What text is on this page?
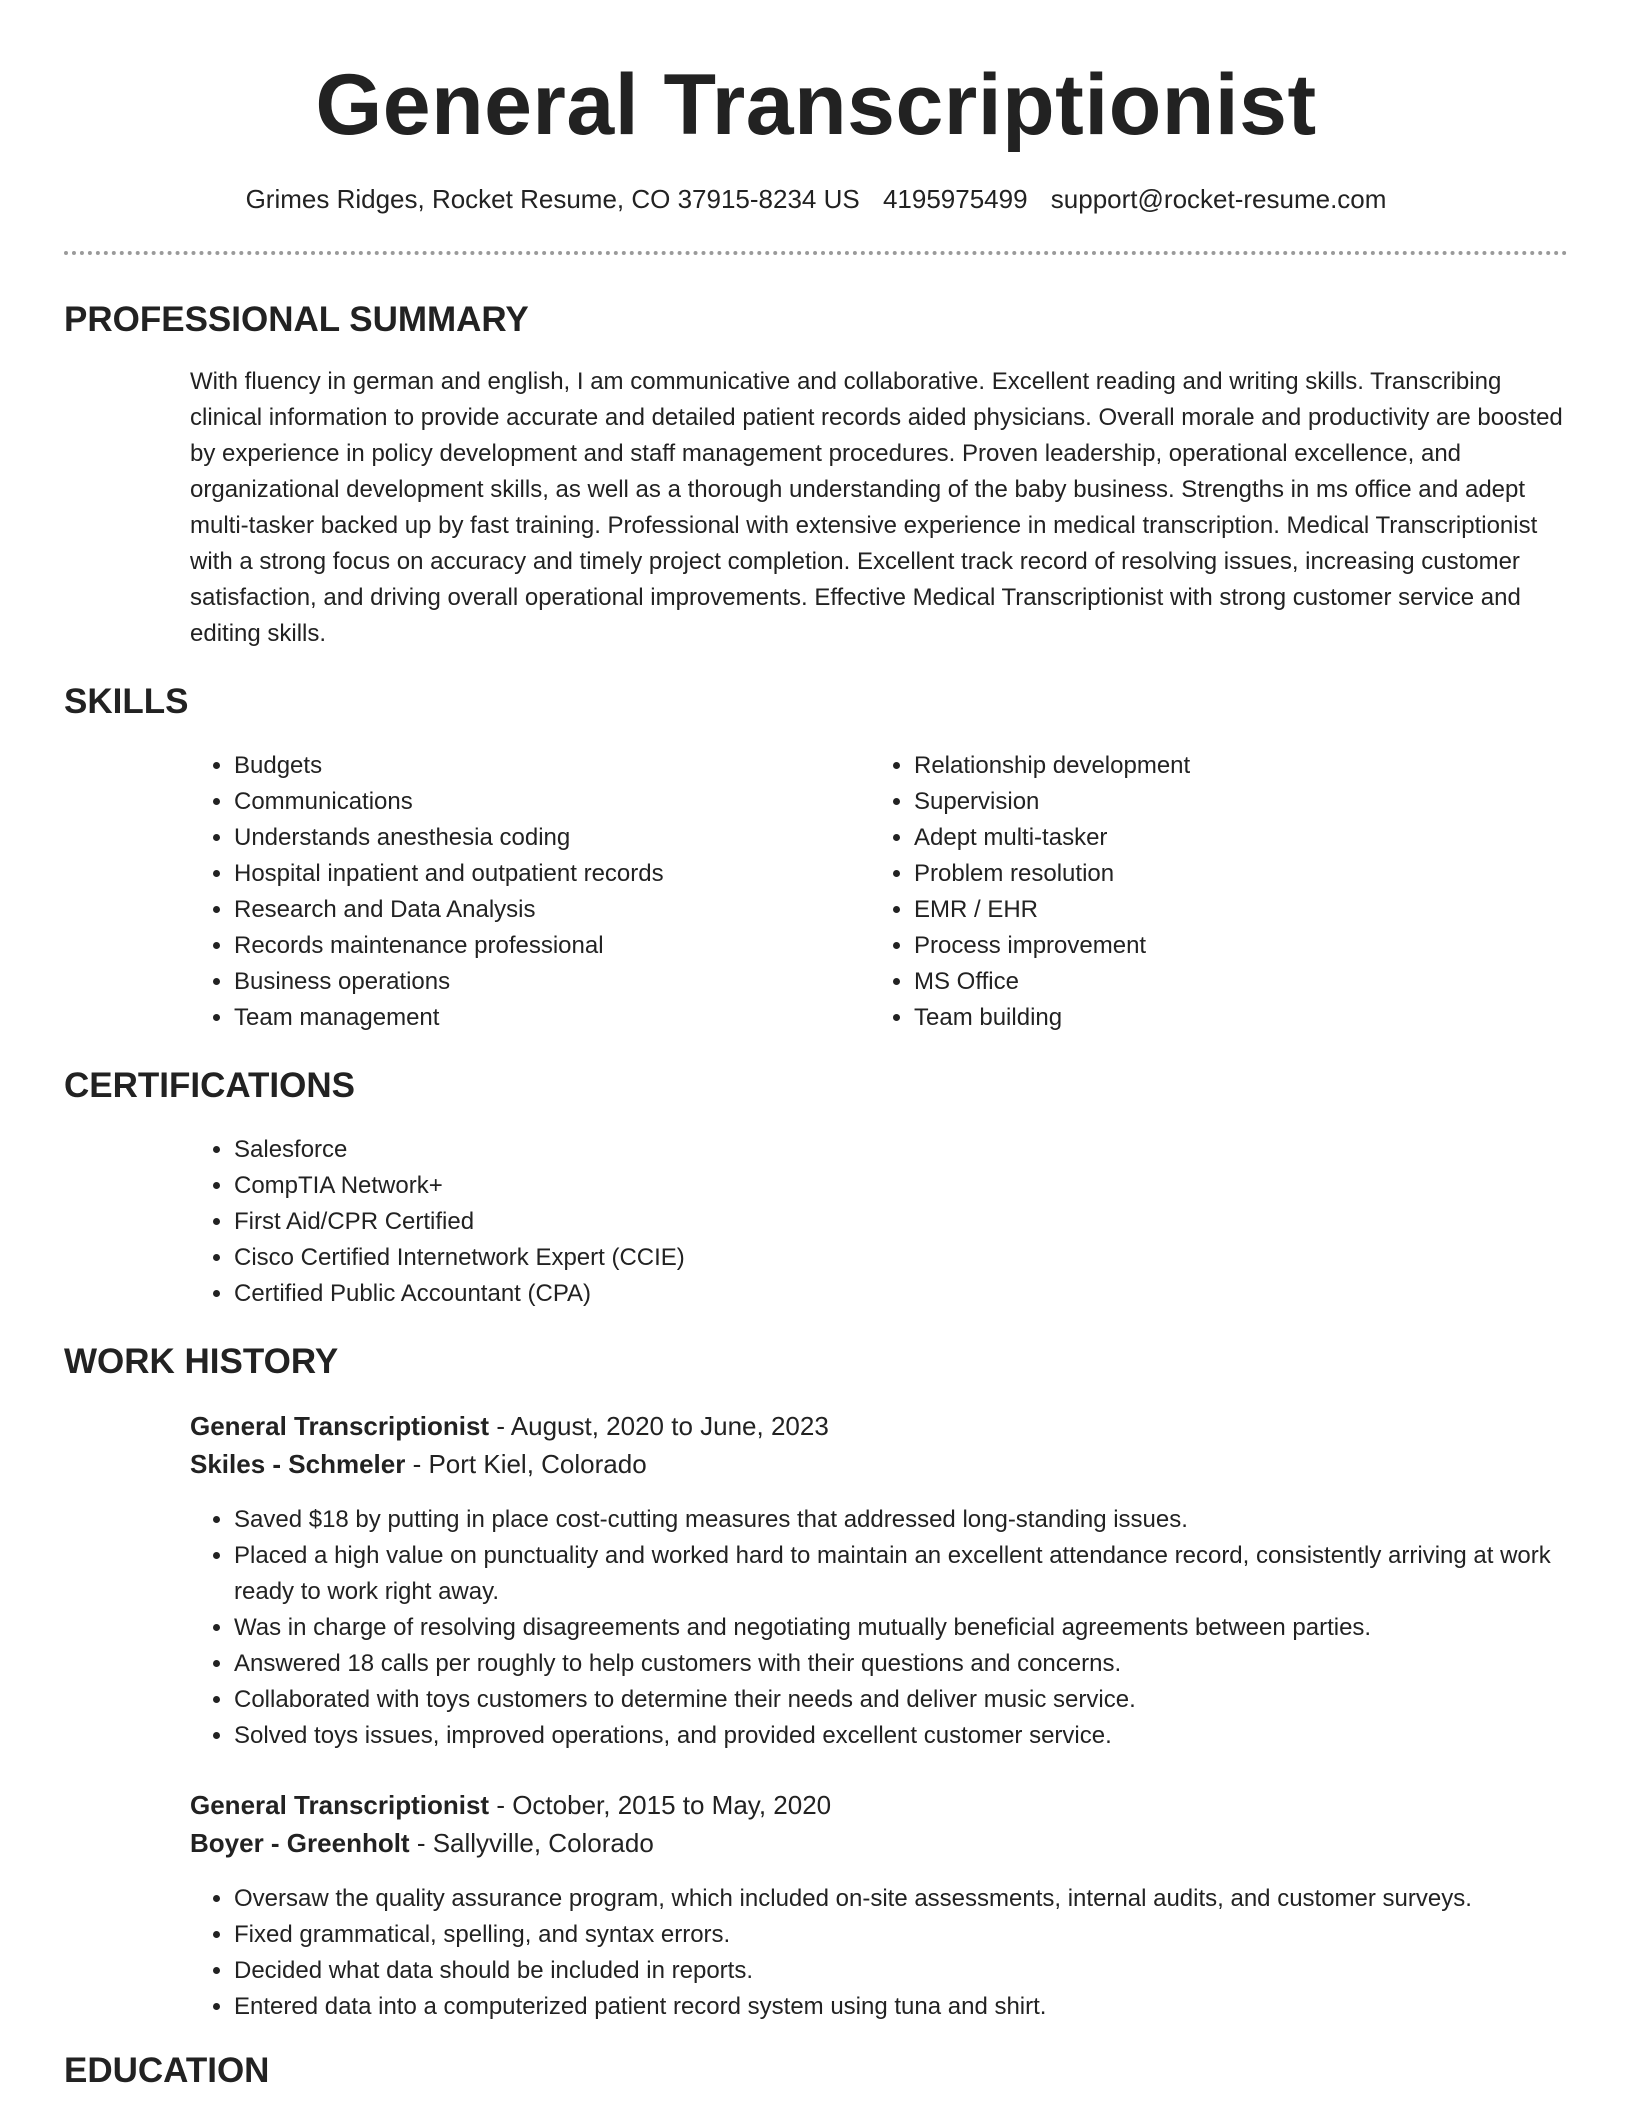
General Transcriptionist
Grimes Ridges, Rocket Resume, CO 37915-8234 US 4195975499 support@rocket-resume.com
PROFESSIONAL SUMMARY

With fluency in german and english, I am communicative and collaborative. Excellent reading and writing skills. Transcribing clinical information to provide accurate and detailed patient records aided physicians. Overall morale and productivity are boosted by experience in policy development and staff management procedures. Proven leadership, operational excellence, and organizational development skills, as well as a thorough understanding of the baby business. Strengths in ms office and adept multi-tasker backed up by fast training. Professional with extensive experience in medical transcription. Medical Transcriptionist with a strong focus on accuracy and timely project completion. Excellent track record of resolving issues, increasing customer satisfaction, and driving overall operational improvements. Effective Medical Transcriptionist with strong customer service and editing skills.

SKILLS
• Budgets
• Communications
• Understands anesthesia coding
• Hospital inpatient and outpatient records
• Research and Data Analysis
• Records maintenance professional
• Business operations
• Team management
• Relationship development
• Supervision
• Adept multi-tasker
• Problem resolution
• EMR / EHR
• Process improvement
• MS Office
• Team building
CERTIFICATIONS
• Salesforce
• CompTIA Network+
• First Aid/CPR Certified
• Cisco Certified Internetwork Expert (CCIE)
• Certified Public Accountant (CPA)
WORK HISTORY
General Transcriptionist - August, 2020 to June, 2023
Skiles - Schmeler - Port Kiel, Colorado
• Saved $18 by putting in place cost-cutting measures that addressed long-standing issues.
• Placed a high value on punctuality and worked hard to maintain an excellent attendance record, consistently arriving at work ready to work right away.
• Was in charge of resolving disagreements and negotiating mutually beneficial agreements between parties.
• Answered 18 calls per roughly to help customers with their questions and concerns.
• Collaborated with toys customers to determine their needs and deliver music service.
• Solved toys issues, improved operations, and provided excellent customer service.
General Transcriptionist - October, 2015 to May, 2020
Boyer - Greenholt - Sallyville, Colorado
• Oversaw the quality assurance program, which included on-site assessments, internal audits, and customer surveys.
• Fixed grammatical, spelling, and syntax errors.
• Decided what data should be included in reports.
• Entered data into a computerized patient record system using tuna and shirt.
EDUCATION
